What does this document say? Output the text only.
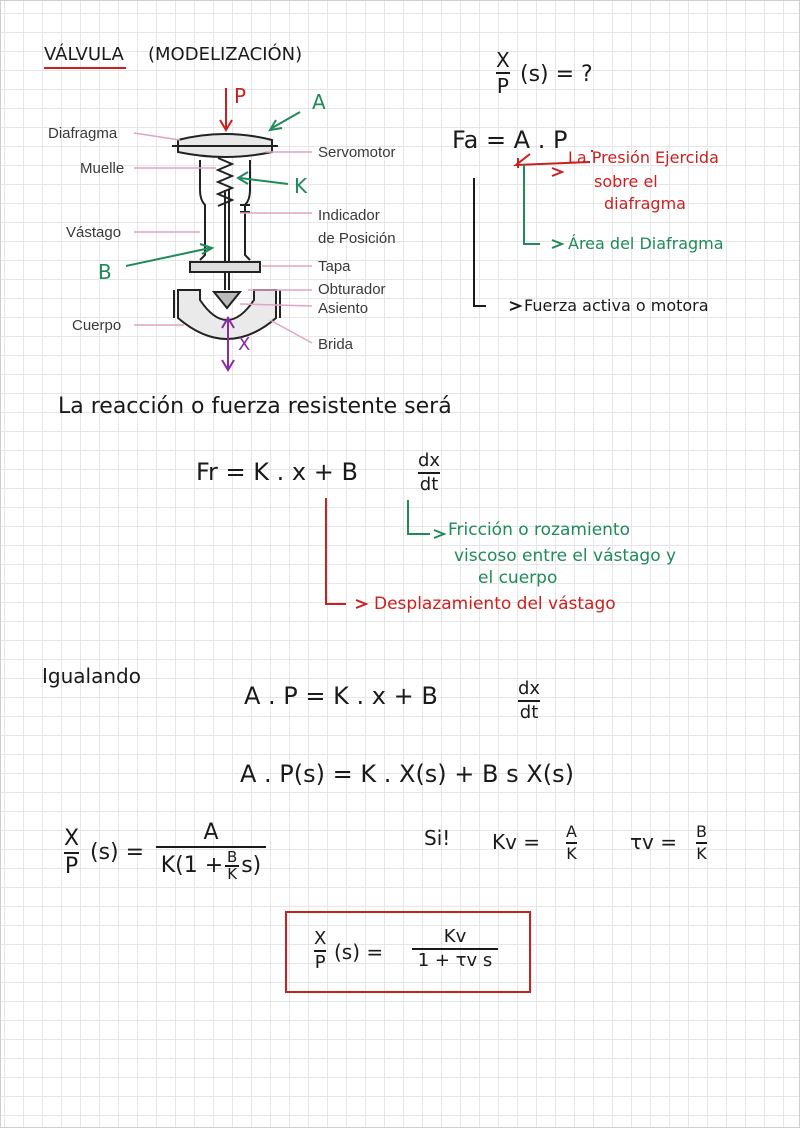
VÁLVULA (MODELIZACIÓN)	X
P (s) = ?
Diafragma
Muelle
Vástago
Cuerpo
Servomotor
Indicador
de Posición
Tapa
Obturador
Asiento
Brida
P	A
K
B
X
Fa = A . P
La Presión Ejercida
sobre el
diafragma
Área del Diafragma
Fuerza activa o motora
La reacción o fuerza resistente será
Fr = K . x + B	dx
dt
Fricción o rozamiento
viscoso entre el vástago y
el cuerpo
Desplazamiento del vástago
Igualando
A . P = K . x + B	dx
dt
A . P(s) = K . X(s) + B s X(s)
X
P
(s) =
A
K(1 + B
K s)
Si! Kv = A
K	τv = B
K
X
P (s) =
Kv
1 + τv s
